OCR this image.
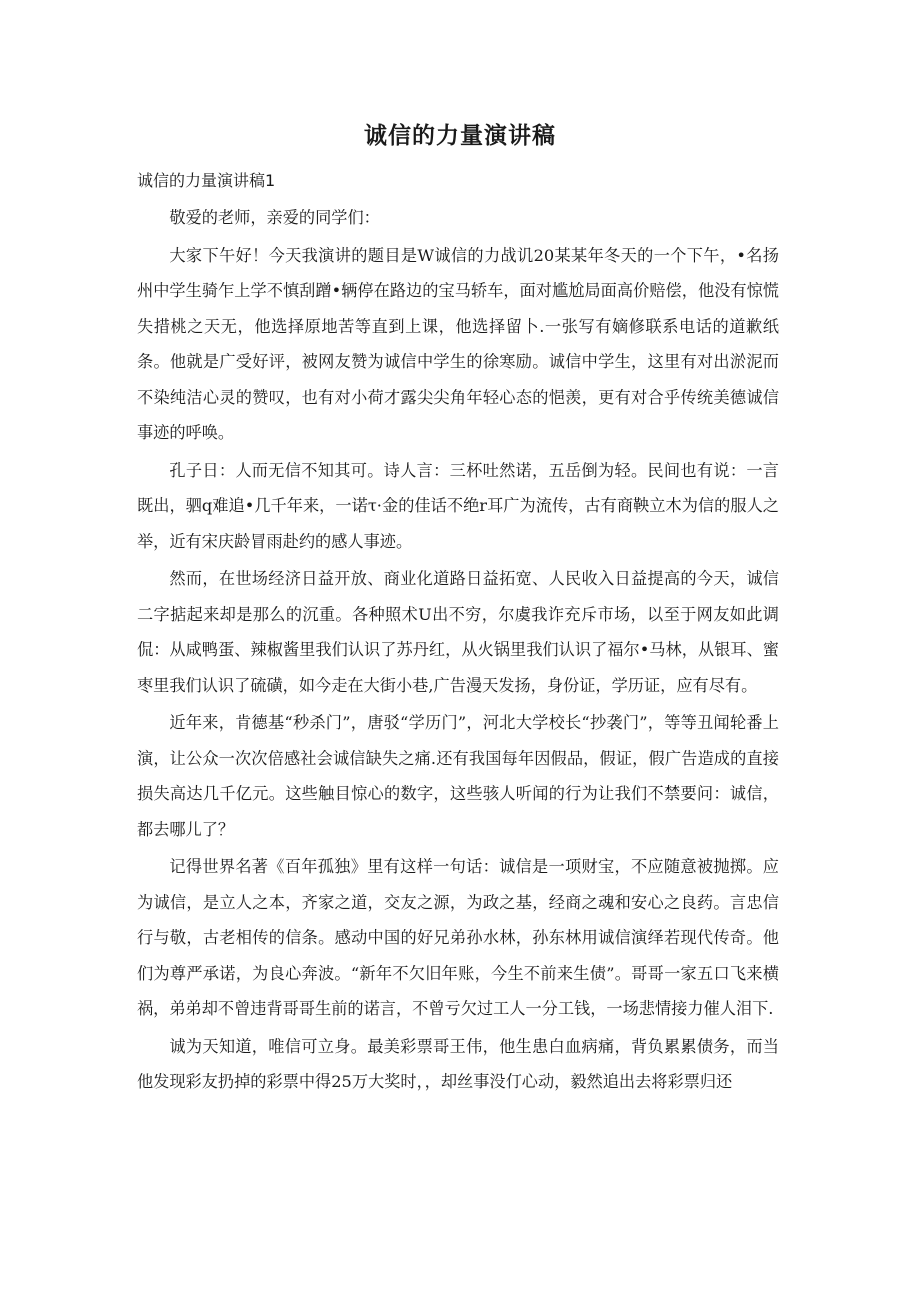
诚信的力量演讲稿
诚信的力量演讲稿1

敬爱的老师，亲爱的同学们：

大家下午好！今天我演讲的题目是W诚信的力战讥20某某年冬天的一个下午，•名扬州中学生骑乍上学不慎刮蹭•辆停在路边的宝马轿车，面对尴尬局面高价赔偿，他没有惊慌失措桃之天无，他选择原地苦等直到上课，他选择留卜.一张写有嫡修联系电话的道歉纸条。他就是广受好评，被网友赞为诚信中学生的徐寒励。诚信中学生，这里有对出淤泥而不染纯洁心灵的赞叹，也有对小荷才露尖尖角年轻心态的悒羡，更有对合乎传统美德诚信事迹的呼唤。

孔子日：人而无信不知其可。诗人言：三杯吐然诺，五岳倒为轻。民间也有说：一言既出，驷q难追•几千年来，一诺τ·金的佳话不绝r耳广为流传，古有商鞅立木为信的服人之举，近有宋庆龄冒雨赴约的感人事迹。

然而，在世场经济日益开放、商业化道路日益拓宽、人民收入日益提高的今天，诚信二字掂起来却是那么的沉重。各种照术U出不穷，尔虞我诈充斥市场，以至于网友如此调侃：从咸鸭蛋、辣椒酱里我们认识了苏丹红，从火锅里我们认识了福尔•马林，从银耳、蜜枣里我们认识了硫磺，如今走在大街小巷,广告漫天发扬，身份证，学历证，应有尽有。

近年来，肯德基“秒杀门”，唐驳“学历门”，河北大学校长“抄袭门”，等等丑闻轮番上演，让公众一次次倍感社会诚信缺失之痛.还有我国每年因假品，假证，假广告造成的直接损失高达几千亿元。这些触目惊心的数字，这些骇人听闻的行为让我们不禁要问：诚信，都去哪儿了？

记得世界名著《百年孤独》里有这样一句话：诚信是一项财宝，不应随意被抛掷。应为诚信，是立人之本，齐家之道，交友之源，为政之基，经商之魂和安心之良药。言忠信行与敬，古老相传的信条。感动中国的好兄弟孙水林，孙东林用诚信演绎若现代传奇。他们为尊严承诺，为良心奔波。“新年不欠旧年账，今生不前来生债”。哥哥一家五口飞来横祸，弟弟却不曾违背哥哥生前的诺言，不曾亏欠过工人一分工钱，一场悲情接力催人泪下.

诚为天知道，唯信可立身。最美彩票哥王伟，他生患白血病痛，背负累累债务，而当他发现彩友扔掉的彩票中得25万大奖时，，却丝事没仃心动，毅然追出去将彩票归还
